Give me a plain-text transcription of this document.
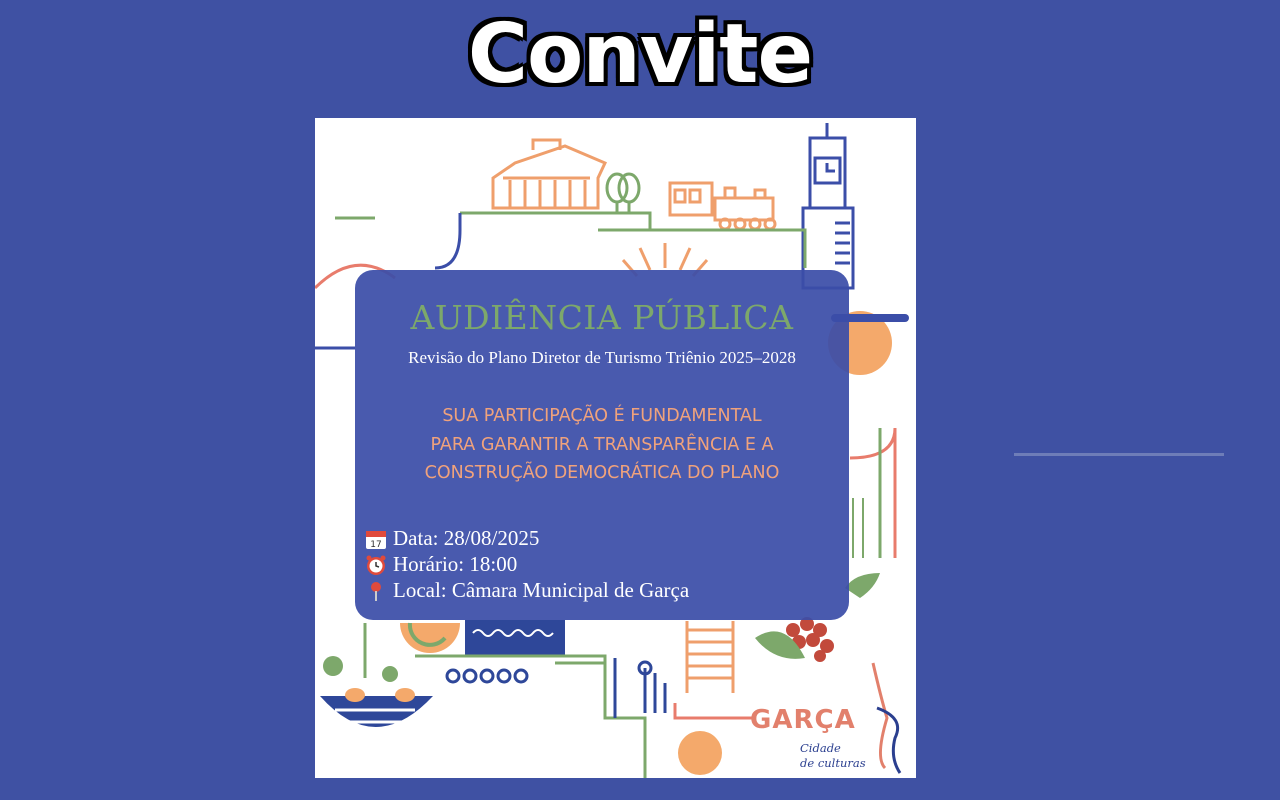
Convite
GARÇA
Cidade
de culturas
AUDIÊNCIA PÚBLICA
Revisão do Plano Diretor de Turismo Triênio 2025–2028
SUA PARTICIPAÇÃO É FUNDAMENTAL
PARA GARANTIR A TRANSPARÊNCIA E A
CONSTRUÇÃO DEMOCRÁTICA DO PLANO
17 Data: 28/08/2025
Horário: 18:00
Local: Câmara Municipal de Garça
